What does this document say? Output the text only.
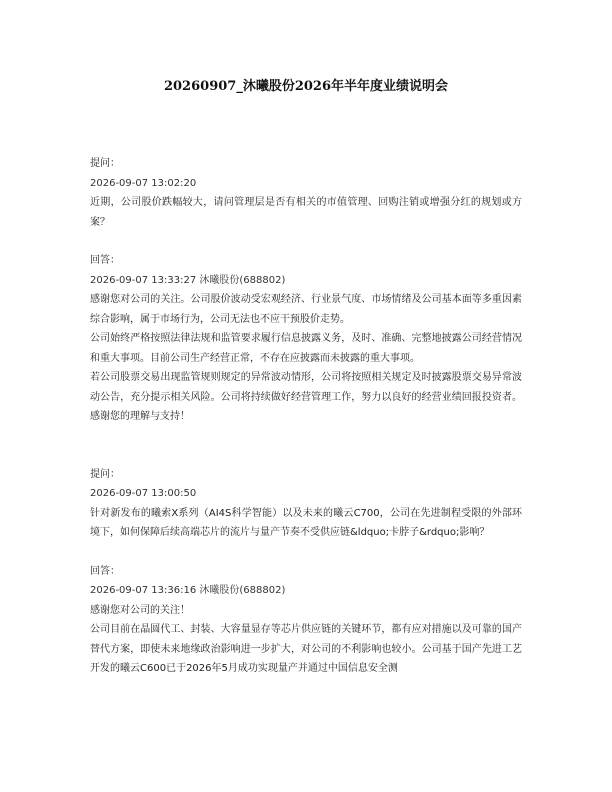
20260907_沐曦股份2026年半年度业绩说明会

提问：

2026-09-07 13:02:20

近期，公司股价跌幅较大，请问管理层是否有相关的市值管理、回购注销或增强分红的规划或方案？

回答：

2026-09-07 13:33:27 沐曦股份(688802)

感谢您对公司的关注。公司股价波动受宏观经济、行业景气度、市场情绪及公司基本面等多重因素综合影响，属于市场行为，公司无法也不应干预股价走势。

公司始终严格按照法律法规和监管要求履行信息披露义务，及时、准确、完整地披露公司经营情况和重大事项。目前公司生产经营正常，不存在应披露而未披露的重大事项。

若公司股票交易出现监管规则规定的异常波动情形，公司将按照相关规定及时披露股票交易异常波动公告，充分提示相关风险。公司将持续做好经营管理工作，努力以良好的经营业绩回报投资者。感谢您的理解与支持！

提问：

2026-09-07 13:00:50

针对新发布的曦索X系列（AI4S科学智能）以及未来的曦云C700，公司在先进制程受限的外部环境下，如何保障后续高端芯片的流片与量产节奏不受供应链&ldquo;卡脖子&rdquo;影响？

回答：

2026-09-07 13:36:16 沐曦股份(688802)

感谢您对公司的关注！

公司目前在晶圆代工、封装、大容量显存等芯片供应链的关键环节，都有应对措施以及可靠的国产替代方案，即使未来地缘政治影响进一步扩大，对公司的不利影响也较小。公司基于国产先进工艺开发的曦云C600已于2026年5月成功实现量产并通过中国信息安全测
